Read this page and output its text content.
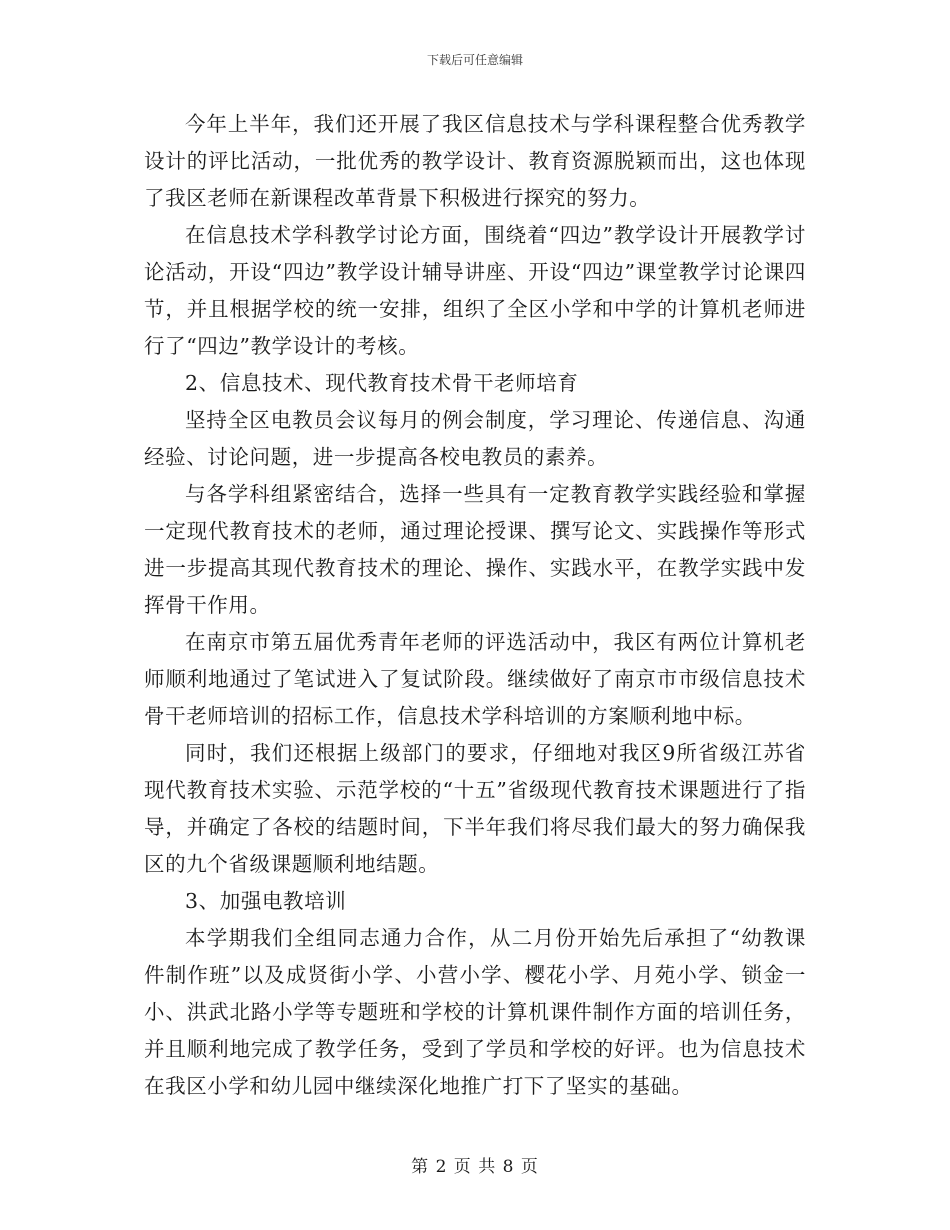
下载后可任意编辑

今年上半年，我们还开展了我区信息技术与学科课程整合优秀教学设计的评比活动，一批优秀的教学设计、教育资源脱颖而出，这也体现了我区老师在新课程改革背景下积极进行探究的努力。

在信息技术学科教学讨论方面，围绕着“四边”教学设计开展教学讨论活动，开设“四边”教学设计辅导讲座、开设“四边”课堂教学讨论课四节，并且根据学校的统一安排，组织了全区小学和中学的计算机老师进行了“四边”教学设计的考核。

2、信息技术、现代教育技术骨干老师培育

坚持全区电教员会议每月的例会制度，学习理论、传递信息、沟通经验、讨论问题，进一步提高各校电教员的素养。

与各学科组紧密结合，选择一些具有一定教育教学实践经验和掌握一定现代教育技术的老师，通过理论授课、撰写论文、实践操作等形式进一步提高其现代教育技术的理论、操作、实践水平，在教学实践中发挥骨干作用。

在南京市第五届优秀青年老师的评选活动中，我区有两位计算机老师顺利地通过了笔试进入了复试阶段。继续做好了南京市市级信息技术骨干老师培训的招标工作，信息技术学科培训的方案顺利地中标。

同时，我们还根据上级部门的要求，仔细地对我区9所省级江苏省现代教育技术实验、示范学校的“十五”省级现代教育技术课题进行了指导，并确定了各校的结题时间，下半年我们将尽我们最大的努力确保我区的九个省级课题顺利地结题。

3、加强电教培训

本学期我们全组同志通力合作，从二月份开始先后承担了“幼教课件制作班”以及成贤街小学、小营小学、樱花小学、月苑小学、锁金一小、洪武北路小学等专题班和学校的计算机课件制作方面的培训任务，并且顺利地完成了教学任务，受到了学员和学校的好评。也为信息技术在我区小学和幼儿园中继续深化地推广打下了坚实的基础。

第 2 页 共 8 页
